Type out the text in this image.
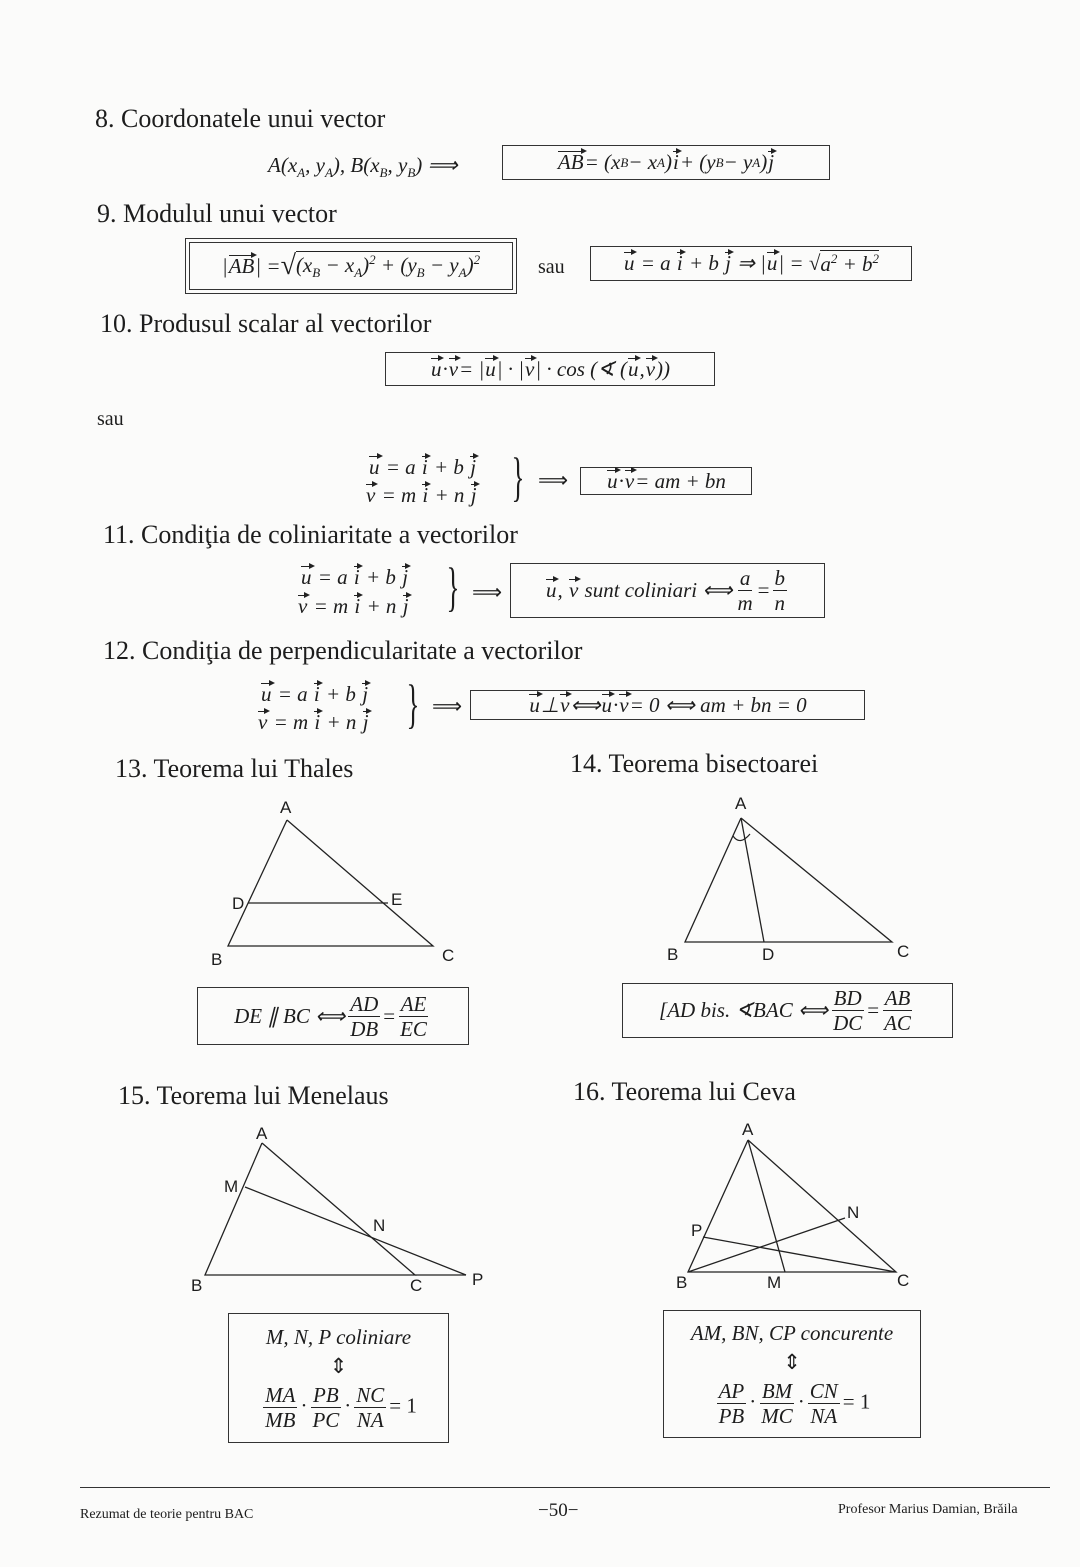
8. Coordonatele unui vector
$A(x_A$, $y_A$), $B(x_B$, $y_B$) ⟹	AB = (x B − x A ) i + (y B − y A ) j
9. Modulul unui vector
|AB| = √ $(x_B - x_A)^2 + (y_B - y_A)^2$	sau	u = a i + b j ⇒ |u| = √ $a^2 + b^2$
10. Produsul scalar al vectorilor
u · v = | u | · | v | · cos (∢ ( u , v ))
sau
u = a i + b j
v = m i + n j } ⟹ u · v = am + bn
11. Condiţia de coliniaritate a vectorilor
u = a i + b j
v = m i + n j } ⟹ u, v sunt coliniari ⟺ $\frac{a}{m} = \frac{b}{n}$
12. Condiţia de perpendicularitate a vectorilor
u = a i + b j
v = m i + n j } ⟹	u ⊥ v ⟺ u · v = 0 ⟺ am + bn = 0
13. Teorema lui Thales
A
D	E
B	C
DE ∥ BC ⟺ $\frac{AD}{DB} = \frac{AE}{EC}$
14. Teorema bisectoarei
A
B	D	C
[AD bis. ∢BAC ⟺ $\frac{BD}{DC} = \frac{AB}{AC}$
15. Teorema lui Menelaus
A
M
N
B	C	P
M, N, P coliniare
⇕
$\frac{MA}{MB} \cdot \frac{PB}{PC} \cdot \frac{NC}{NA} = 1$
16. Teorema lui Ceva
A
N
P
B	M	C
AM, BN, CP concurente
⇕
$\frac{AP}{PB} \cdot \frac{BM}{MC} \cdot \frac{CN}{NA} = 1$
Rezumat de teorie pentru BAC	−50−	Profesor Marius Damian, Brăila
